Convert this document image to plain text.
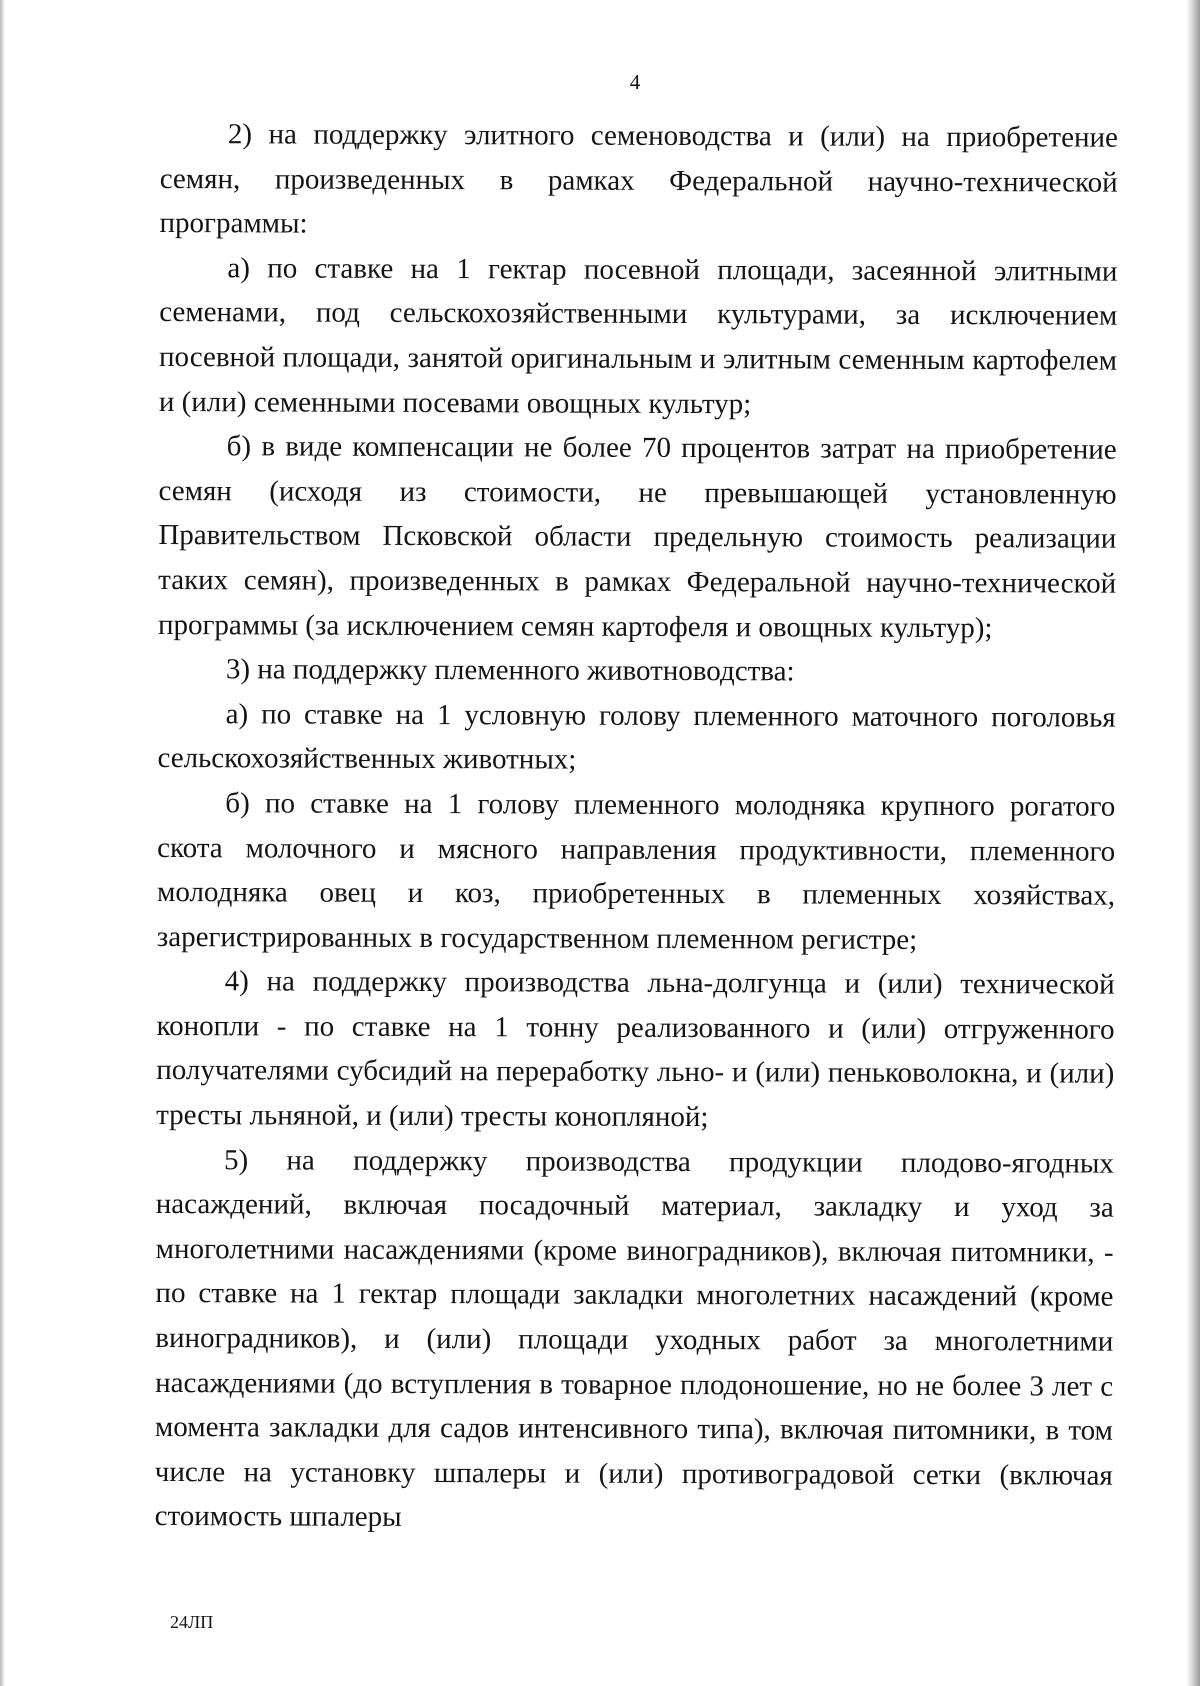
4

2) на поддержку элитного семеноводства и (или) на приобретение семян, произведенных в рамках Федеральной научно-технической программы:

а) по ставке на 1 гектар посевной площади, засеянной элитными семенами, под сельскохозяйственными культурами, за исключением посевной площади, занятой оригинальным и элитным семенным картофелем и (или) семенными посевами овощных культур;

б) в виде компенсации не более 70 процентов затрат на приобретение семян (исходя из стоимости, не превышающей установленную Правительством Псковской области предельную стоимость реализации таких семян), произведенных в рамках Федеральной научно-технической программы (за исключением семян картофеля и овощных культур);

3) на поддержку племенного животноводства:

а) по ставке на 1 условную голову племенного маточного поголовья сельскохозяйственных животных;

б) по ставке на 1 голову племенного молодняка крупного рогатого скота молочного и мясного направления продуктивности, племенного молодняка овец и коз, приобретенных в племенных хозяйствах, зарегистрированных в государственном племенном регистре;

4) на поддержку производства льна-долгунца и (или) технической конопли - по ставке на 1 тонну реализованного и (или) отгруженного получателями субсидий на переработку льно- и (или) пеньковолокна, и (или) тресты льняной, и (или) тресты конопляной;

5) на поддержку производства продукции плодово-ягодных насаждений, включая посадочный материал, закладку и уход за многолетними насаждениями (кроме виноградников), включая питомники, - по ставке на 1 гектар площади закладки многолетних насаждений (кроме виноградников), и (или) площади уходных работ за многолетними насаждениями (до вступления в товарное плодоношение, но не более 3 лет с момента закладки для садов интенсивного типа), включая питомники, в том числе на установку шпалеры и (или) противоградовой сетки (включая стоимость шпалеры

24ЛП
